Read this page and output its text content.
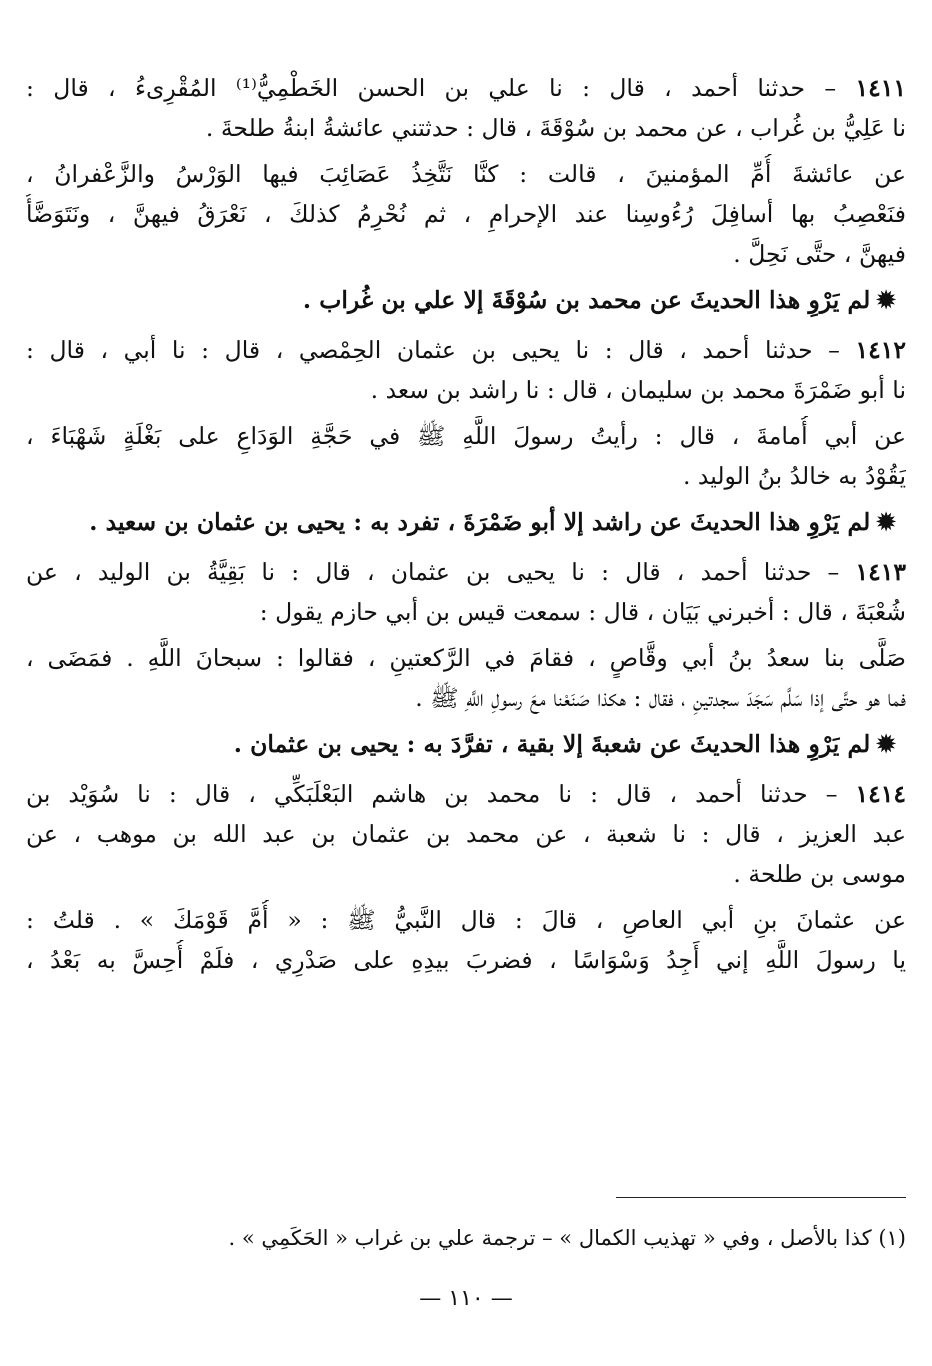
١٤١١ – حدثنا أحمد ، قال : نا علي بن الحسن الخَطْمِيُّ⁽¹⁾ المُقْرِىءُ ، قال :
نا عَلِيُّ بن غُراب ، عن محمد بن سُوْقَةَ ، قال : حدثتني عائشةُ ابنةُ طلحةَ .
عن عائشةَ أُمِّ المؤمنينَ ، قالت : كنَّا نَتَّخِذُ عَصَائِبَ فيها الوَرْسُ والزَّعْفرانُ ،
فنَعْصِبُ بها أسافِلَ رُءُوسِنا عند الإحرامِ ، ثم نُحْرِمُ كذلكَ ، نَعْرَقُ فيهنَّ ، ونَتَوَضَّأُ
فيهنَّ ، حتَّى نَحِلَّ .
✹لم يَرْوِ هذا الحديثَ عن محمد بن سُوْقَةَ إلا علي بن غُراب .
١٤١٢ – حدثنا أحمد ، قال : نا يحيى بن عثمان الحِمْصي ، قال : نا أبي ، قال :
نا أبو ضَمْرَةَ محمد بن سليمان ، قال : نا راشد بن سعد .
عن أبي أُمامةَ ، قال : رأيتُ رسولَ اللَّهِ ﷺ في حَجَّةِ الوَدَاعِ على بَغْلَةٍ شَهْبَاءَ ،
يَقُوْدُ به خالدُ بنُ الوليد .
✹لم يَرْوِ هذا الحديثَ عن راشد إلا أبو ضَمْرَةَ ، تفرد به : يحيى بن عثمان بن سعيد .
١٤١٣ – حدثنا أحمد ، قال : نا يحيى بن عثمان ، قال : نا بَقِيَّةُ بن الوليد ، عن
شُعْبَةَ ، قال : أخبرني بَيَان ، قال : سمعت قيس بن أبي حازم يقول :
صَلَّى بنا سعدُ بنُ أبي وقَّاصٍ ، فقامَ في الرَّكعتينِ ، فقالوا : سبحانَ اللَّهِ . فمَضَى ،
فما هو حتَّى إذا سَلَّم سَجَدَ سجدتينِ ، فقال : هكذا صَنَعْنا معَ رسولِ اللَّهِ ﷺ .
✹لم يَرْوِ هذا الحديثَ عن شعبةَ إلا بقية ، تفرَّدَ به : يحيى بن عثمان .
١٤١٤ – حدثنا أحمد ، قال : نا محمد بن هاشم البَعْلَبَكِّي ، قال : نا سُوَيْد بن
عبد العزيز ، قال : نا شعبة ، عن محمد بن عثمان بن عبد الله بن موهب ، عن
موسى بن طلحة .
عن عثمانَ بنِ أبي العاصِ ، قالَ : قال النَّبيُّ ﷺ : « أُمَّ قَوْمَكَ » . قلتُ :
يا رسولَ اللَّهِ إني أَجِدُ وَسْوَاسًا ، فضربَ بيدِهِ على صَدْرِي ، فلَمْ أُحِسَّ به بَعْدُ ،
(١) كذا بالأصل ، وفي « تهذيب الكمال » – ترجمة علي بن غراب « الحَكَمِي » .
— ١١٠ —
